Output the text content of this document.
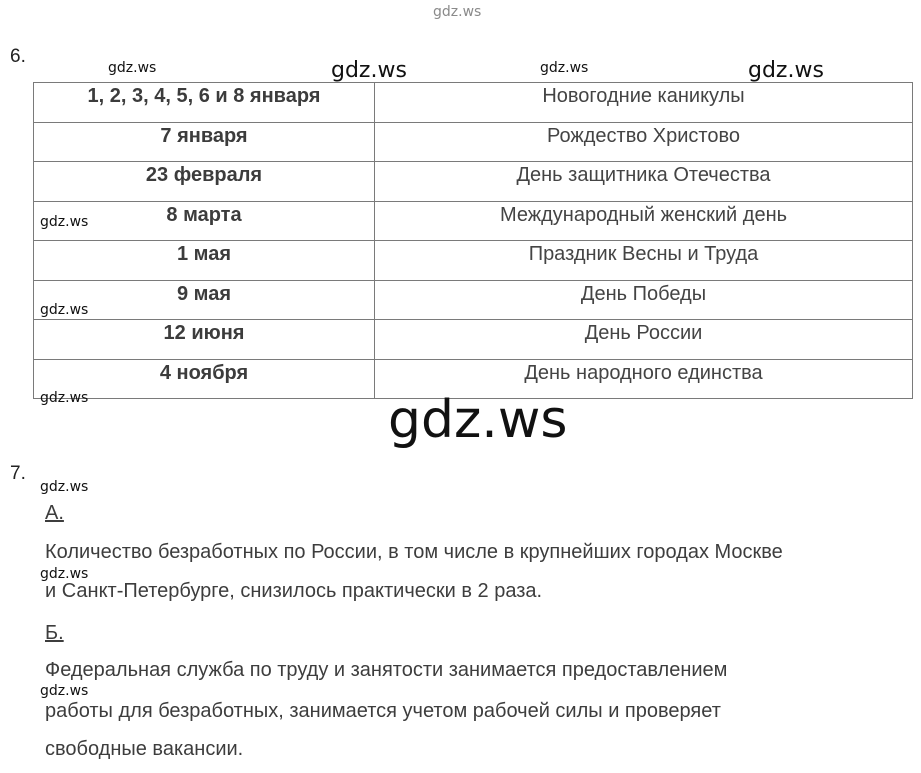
gdz.ws
gdz.ws	gdz.ws	gdz.ws	gdz.ws
6.
1, 2, 3, 4, 5, 6 и 8 января	Новогодние каникулы
7 января	Рождество Христово
23 февраля	День защитника Отечества
8 марта	Международный женский день
1 мая	Праздник Весны и Труда
9 мая	День Победы
12 июня	День России
4 ноября	День народного единства
gdz.ws
gdz.ws
gdz.ws	gdz.ws
7.
gdz.ws
А.
Количество безработных по России, в том числе в крупнейших городах Москве
gdz.ws
и Санкт-Петербурге, снизилось практически в 2 раза.
Б.
Федеральная служба по труду и занятости занимается предоставлением
gdz.ws
работы для безработных, занимается учетом рабочей силы и проверяет
свободные вакансии.
